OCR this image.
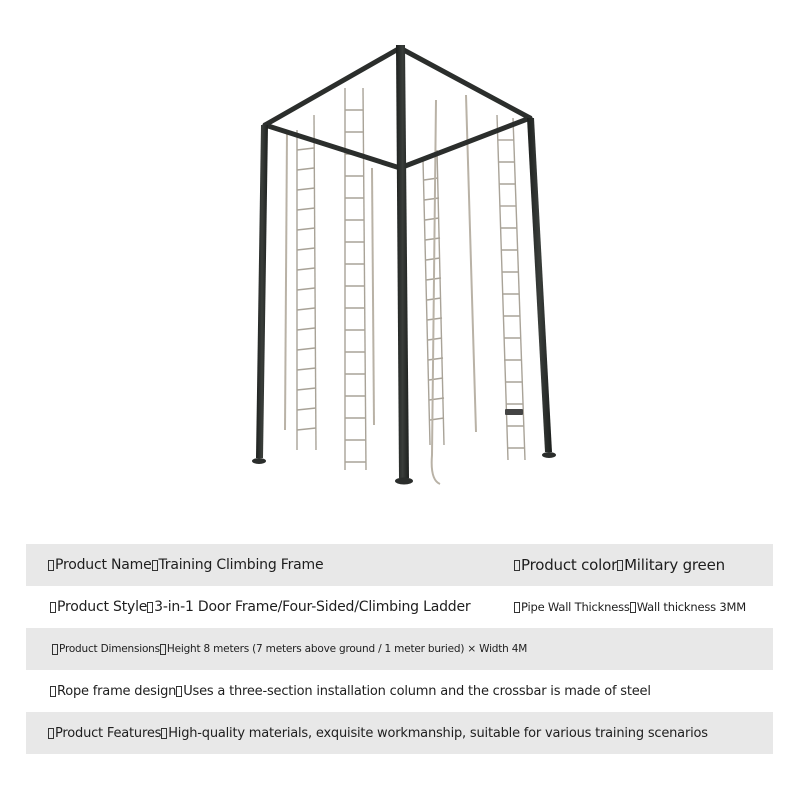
Product Name Training Climbing Frame	Product color Military green
Product Style 3-in-1 Door Frame/Four-Sided/Climbing Ladder	Pipe Wall Thickness Wall thickness 3MM
Product Dimensions Height 8 meters (7 meters above ground / 1 meter buried) × Width 4M
Rope frame design Uses a three-section installation column and the crossbar is made of steel
Product Features High-quality materials, exquisite workmanship, suitable for various training scenarios
